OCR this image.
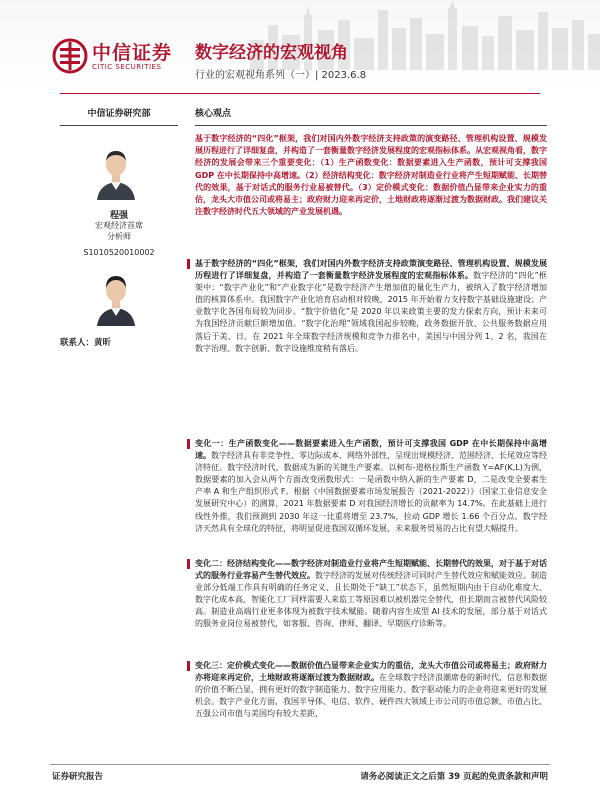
中信证券
CITIC SECURITIES
数字经济的宏观视角
行业的宏观视角系列（一）| 2023.6.8
中信证券研究部
程强
宏观经济首席
分析师
S1010520010002
联系人：黄昕
核心观点
基于数字经济的“四化”框架，我们对国内外数字经济支持政策的演变路径、管理机构设置、规模发展历程进行了详细复盘，并构造了一套衡量数字经济发展程度的宏观指标体系。从宏观视角看，数字经济的发展会带来三个重要变化：（1）生产函数变化：数据要素进入生产函数，预计可支撑我国 GDP 在中长期保持中高增速。（2）经济结构变化：数字经济对制造业行业将产生短期赋能、长期替代的效果，基于对话式的服务行业易被替代。（3）定价模式变化：数据价值凸显带来企业实力的重估，龙头大市值公司或将易主；政府财力迎来再定价，土地财政将逐渐过渡为数据财政。我们建议关注数字经济时代五大领域的产业发展机遇。
基于数字经济的“四化”框架，我们对国内外数字经济支持政策演变路径、管理机构设置、规模发展历程进行了详细复盘，并构造了一套衡量数字经济发展程度的宏观指标体系。数字经济的“四化”框架中：“数字产业化”和“产业数字化”是数字经济产生增加值的量化生产力，被纳入了数字经济增加值的核算体系中。我国数字产业化培育启动相对较晚，2015 年开始着力支持数字基础设施建设；产业数字化各国布局较为同步。“数字价值化”是 2020 年以来政策主要的发力探索方向，预计未来可为我国经济贡献巨额增加值。“数字化治理”领域我国起步较晚，政务数据开放、公共服务数据应用落后于美、日。在 2021 年全球数字经济规模和竞争力排名中，美国与中国分列 1、2 名，我国在数字治理、数字创新、数字设施维度稍有落后。
变化一：生产函数变化——数据要素进入生产函数，预计可支撑我国 GDP 在中长期保持中高增速。数字经济具有非竞争性、零边际成本、网络外部性，呈现出规模经济、范围经济、长尾效应等经济特征。数字经济时代，数据成为新的关键生产要素。以柯布-道格拉斯生产函数 Y=AF(K,L)为例，数据要素的加入会从两个方面改变函数形式：一是函数中纳入新的生产要素 D，二是改变全要素生产率 A 和生产组织形式 F。根据《中国数据要素市场发展报告（2021-2022）》（国家工业信息安全发展研究中心）的测算，2021 年数据要素 D 对我国经济增长的贡献率为 14.7%。在此基础上进行线性外推，我们预测到 2030 年这一比重将增至 23.7%，拉动 GDP 增长 1.66 个百分点。数字经济天然具有全球化的特征，将明显促进我国双循环发展，未来服务贸易的占比有望大幅提升。
变化二：经济结构变化——数字经济对制造业行业将产生短期赋能、长期替代的效果，对于基于对话式的服务行业容易产生替代效应。数字经济的发展对传统经济可同时产生替代效应和赋能效应。制造业部分低端工作具有明确的任务定义、且长期处于“缺工”状态下，虽然短期内由于自动化难度大、数字化成本高，智能化工厂同样需要人来监工等原因难以被机器完全替代，但长期而言被替代风险较高。制造业高端行业更多体现为被数字技术赋能。随着内容生成型 AI 技术的发展，部分基于对话式的服务业岗位易被替代，如客服、咨询、律师、翻译、早期医疗诊断等。
变化三：定价模式变化——数据价值凸显带来企业实力的重估，龙头大市值公司或将易主；政府财力亦将迎来再定价，土地财政将逐渐过渡为数据财政。在全球数字经济浪潮席卷的新时代，信息和数据的价值不断凸显，拥有更好的数字制造能力、数字应用能力、数字驱动能力的企业将迎来更好的发展机会。数字产业化方面，我国半导体、电信、软件、硬件四大领域上市公司的市值总额、市值占比、五强公司市值与美国均有较大差距，
证券研究报告	请务必阅读正文之后第 39 页起的免责条款和声明
